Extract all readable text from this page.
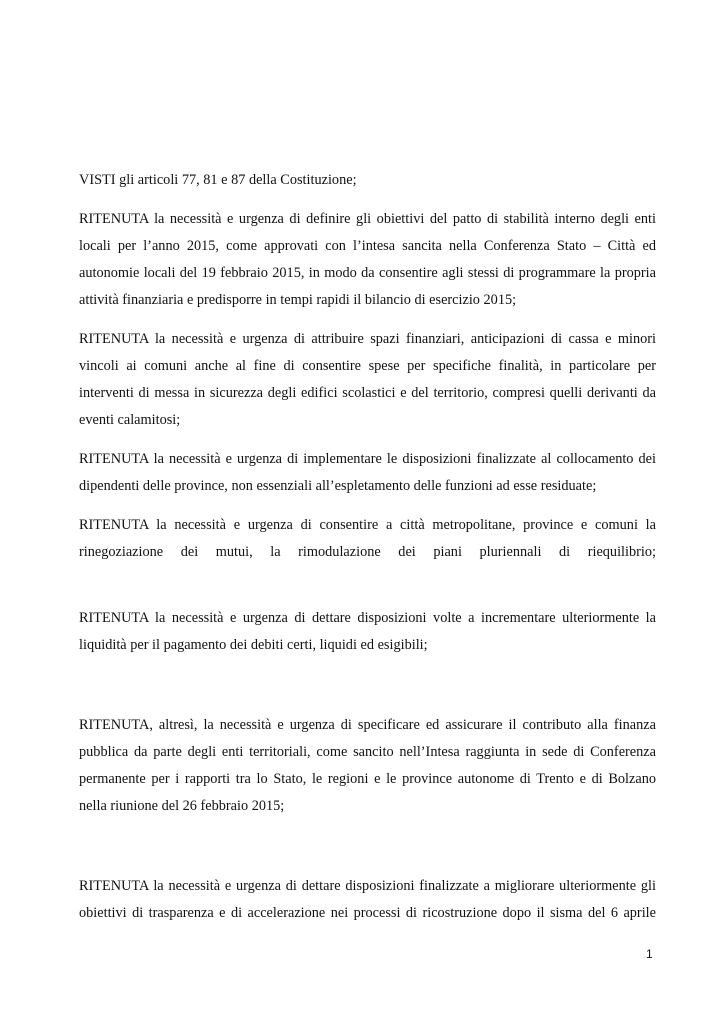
VISTI gli articoli 77, 81 e 87 della Costituzione;
RITENUTA la necessità e urgenza di definire gli obiettivi del patto di stabilità interno degli enti
locali per l’anno 2015, come approvati con l’intesa sancita nella Conferenza Stato – Città ed
autonomie locali del 19 febbraio 2015, in modo da consentire agli stessi di programmare la propria
attività finanziaria e predisporre in tempi rapidi il bilancio di esercizio 2015;
RITENUTA la necessità e urgenza di attribuire spazi finanziari, anticipazioni di cassa e minori
vincoli ai comuni anche al fine di consentire spese per specifiche finalità, in particolare per
interventi di messa in sicurezza degli edifici scolastici e del territorio, compresi quelli derivanti da
eventi calamitosi;
RITENUTA la necessità e urgenza di implementare le disposizioni finalizzate al collocamento dei
dipendenti delle province, non essenziali all’espletamento delle funzioni ad esse residuate;
RITENUTA la necessità e urgenza di consentire a città metropolitane, province e comuni la
rinegoziazione dei mutui, la rimodulazione dei piani pluriennali di riequilibrio;
RITENUTA la necessità e urgenza di dettare disposizioni volte a incrementare ulteriormente la
liquidità per il pagamento dei debiti certi, liquidi ed esigibili;
RITENUTA, altresì, la necessità e urgenza di specificare ed assicurare il contributo alla finanza
pubblica da parte degli enti territoriali, come sancito nell’Intesa raggiunta in sede di Conferenza
permanente per i rapporti tra lo Stato, le regioni e le province autonome di Trento e di Bolzano
nella riunione del 26 febbraio 2015;
RITENUTA la necessità e urgenza di dettare disposizioni finalizzate a migliorare ulteriormente gli
obiettivi di trasparenza e di accelerazione nei processi di ricostruzione dopo il sisma del 6 aprile
1
